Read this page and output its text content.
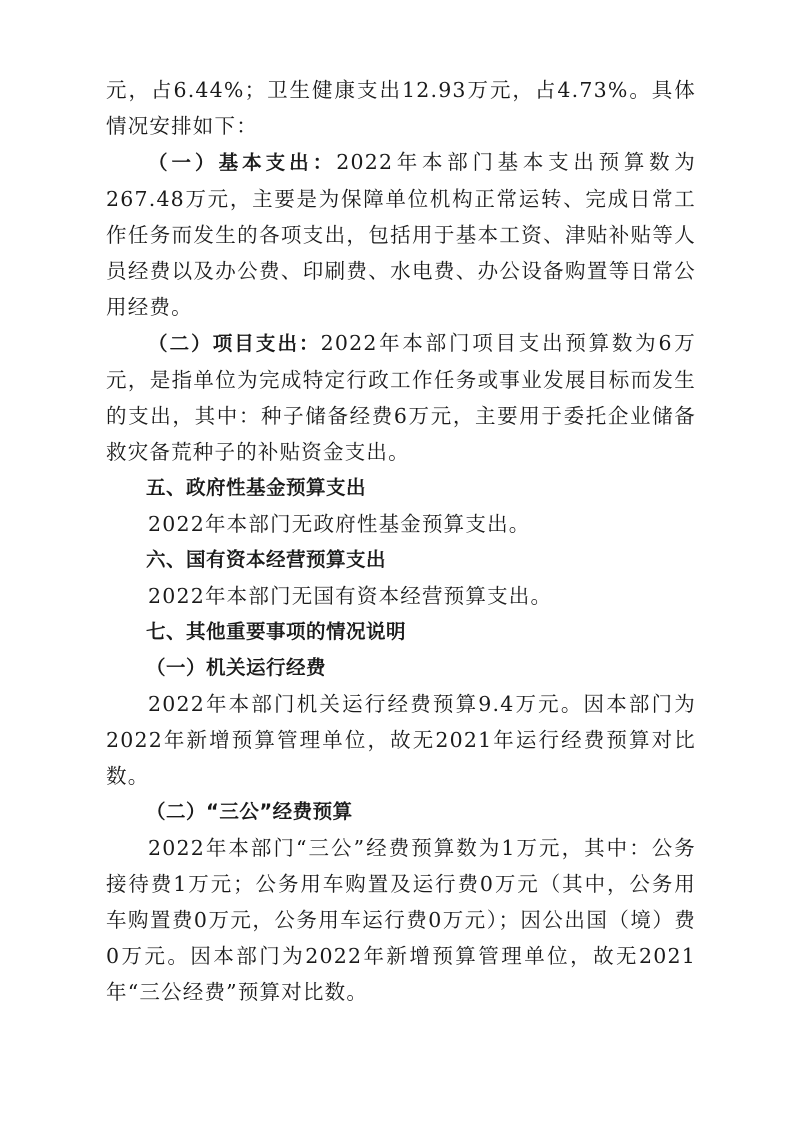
元，占6.44%；卫生健康支出12.93万元，占4.73%。具体情况安排如下：

（一）基本支出：2022年本部门基本支出预算数为267.48万元，主要是为保障单位机构正常运转、完成日常工作任务而发生的各项支出，包括用于基本工资、津贴补贴等人员经费以及办公费、印刷费、水电费、办公设备购置等日常公用经费。

（二）项目支出：2022年本部门项目支出预算数为6万元，是指单位为完成特定行政工作任务或事业发展目标而发生的支出，其中：种子储备经费6万元，主要用于委托企业储备救灾备荒种子的补贴资金支出。

五、政府性基金预算支出

2022年本部门无政府性基金预算支出。

六、国有资本经营预算支出

2022年本部门无国有资本经营预算支出。

七、其他重要事项的情况说明

（一）机关运行经费

2022年本部门机关运行经费预算9.4万元。因本部门为2022年新增预算管理单位，故无2021年运行经费预算对比数。

（二）“三公”经费预算

2022年本部门“三公”经费预算数为1万元，其中：公务接待费1万元；公务用车购置及运行费0万元（其中，公务用车购置费0万元，公务用车运行费0万元）；因公出国（境）费0万元。因本部门为2022年新增预算管理单位，故无2021年“三公经费”预算对比数。
